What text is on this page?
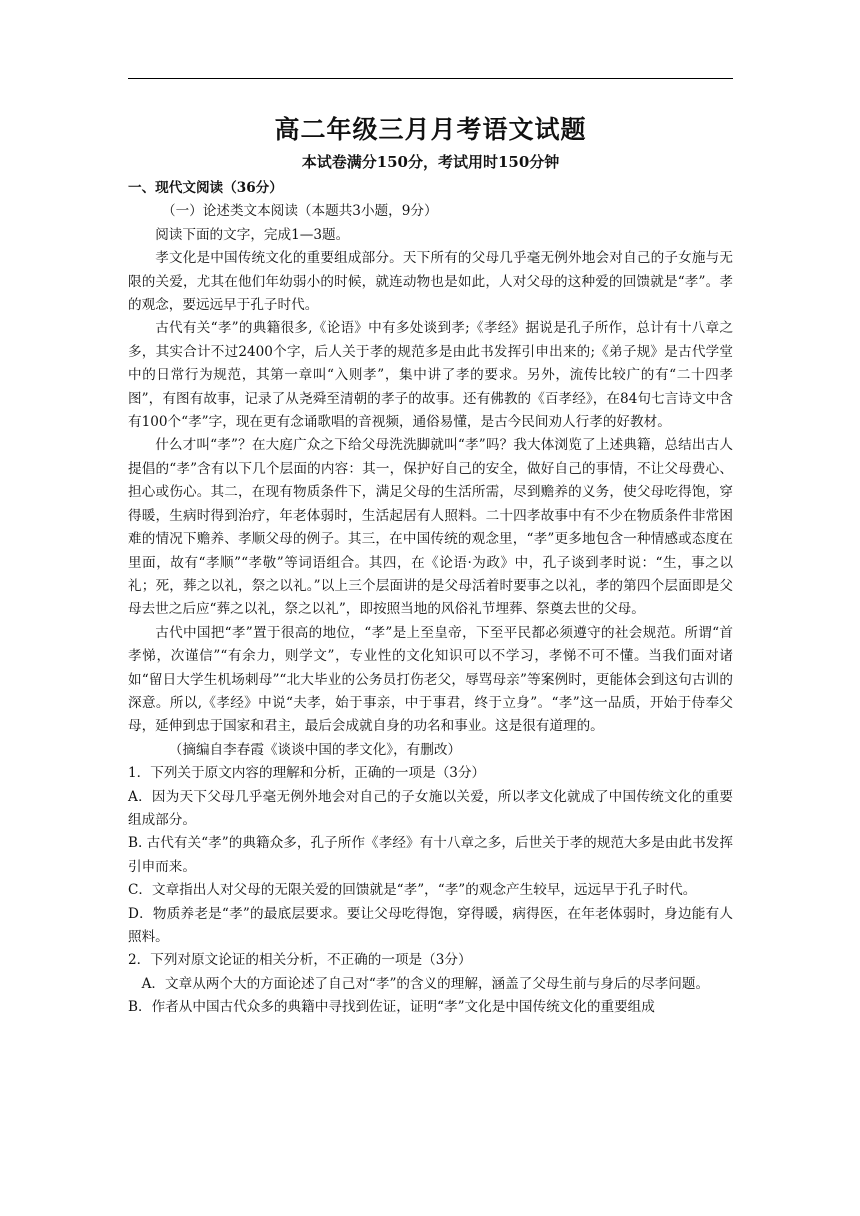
高二年级三月月考语文试题
本试卷满分150分，考试用时150分钟

一、现代文阅读（36分）

（一）论述类文本阅读（本题共3小题，9分）

阅读下面的文字，完成1—3题。

孝文化是中国传统文化的重要组成部分。天下所有的父母几乎毫无例外地会对自己的子女施与无限的关爱，尤其在他们年幼弱小的时候，就连动物也是如此，人对父母的这种爱的回馈就是“孝”。孝的观念，要远远早于孔子时代。

古代有关“孝”的典籍很多,《论语》中有多处谈到孝;《孝经》据说是孔子所作，总计有十八章之多，其实合计不过2400个字，后人关于孝的规范多是由此书发挥引申出来的;《弟子规》是古代学堂中的日常行为规范，其第一章叫“入则孝”，集中讲了孝的要求。另外，流传比较广的有“二十四孝图”，有图有故事，记录了从尧舜至清朝的孝子的故事。还有佛教的《百孝经》，在84句七言诗文中含有100个“孝”字，现在更有念诵歌唱的音视频，通俗易懂，是古今民间劝人行孝的好教材。

什么才叫“孝”？在大庭广众之下给父母洗洗脚就叫“孝”吗？我大体浏览了上述典籍，总结出古人提倡的“孝”含有以下几个层面的内容：其一，保护好自己的安全，做好自己的事情，不让父母费心、担心或伤心。其二，在现有物质条件下，满足父母的生活所需，尽到赡养的义务，使父母吃得饱，穿得暖，生病时得到治疗，年老体弱时，生活起居有人照料。二十四孝故事中有不少在物质条件非常困难的情况下赡养、孝顺父母的例子。其三，在中国传统的观念里，“孝”更多地包含一种情感或态度在里面，故有“孝顺”“孝敬”等词语组合。其四，在《论语·为政》中，孔子谈到孝时说：“生，事之以礼；死，葬之以礼，祭之以礼。”以上三个层面讲的是父母活着时要事之以礼，孝的第四个层面即是父母去世之后应“葬之以礼，祭之以礼”，即按照当地的风俗礼节埋葬、祭奠去世的父母。

古代中国把“孝”置于很高的地位，“孝”是上至皇帝，下至平民都必须遵守的社会规范。所谓“首孝悌，次谨信”“有余力，则学文”，专业性的文化知识可以不学习，孝悌不可不懂。当我们面对诸如“留日大学生机场刺母”“北大毕业的公务员打伤老父，辱骂母亲”等案例时，更能体会到这句古训的深意。所以,《孝经》中说“夫孝，始于事亲，中于事君，终于立身”。“孝”这一品质，开始于侍奉父母，延伸到忠于国家和君主，最后会成就自身的功名和事业。这是很有道理的。

（摘编自李春霞《谈谈中国的孝文化》，有删改）

1．下列关于原文内容的理解和分析，正确的一项是（3分）

A．因为天下父母几乎毫无例外地会对自己的子女施以关爱，所以孝文化就成了中国传统文化的重要组成部分。

B. 古代有关“孝”的典籍众多，孔子所作《孝经》有十八章之多，后世关于孝的规范大多是由此书发挥引申而来。

C．文章指出人对父母的无限关爱的回馈就是“孝”，“孝”的观念产生较早，远远早于孔子时代。

D．物质养老是“孝”的最底层要求。要让父母吃得饱，穿得暖，病得医，在年老体弱时，身边能有人照料。

2．下列对原文论证的相关分析，不正确的一项是（3分）

A．文章从两个大的方面论述了自己对“孝”的含义的理解，涵盖了父母生前与身后的尽孝问题。

B．作者从中国古代众多的典籍中寻找到佐证，证明“孝”文化是中国传统文化的重要组成
